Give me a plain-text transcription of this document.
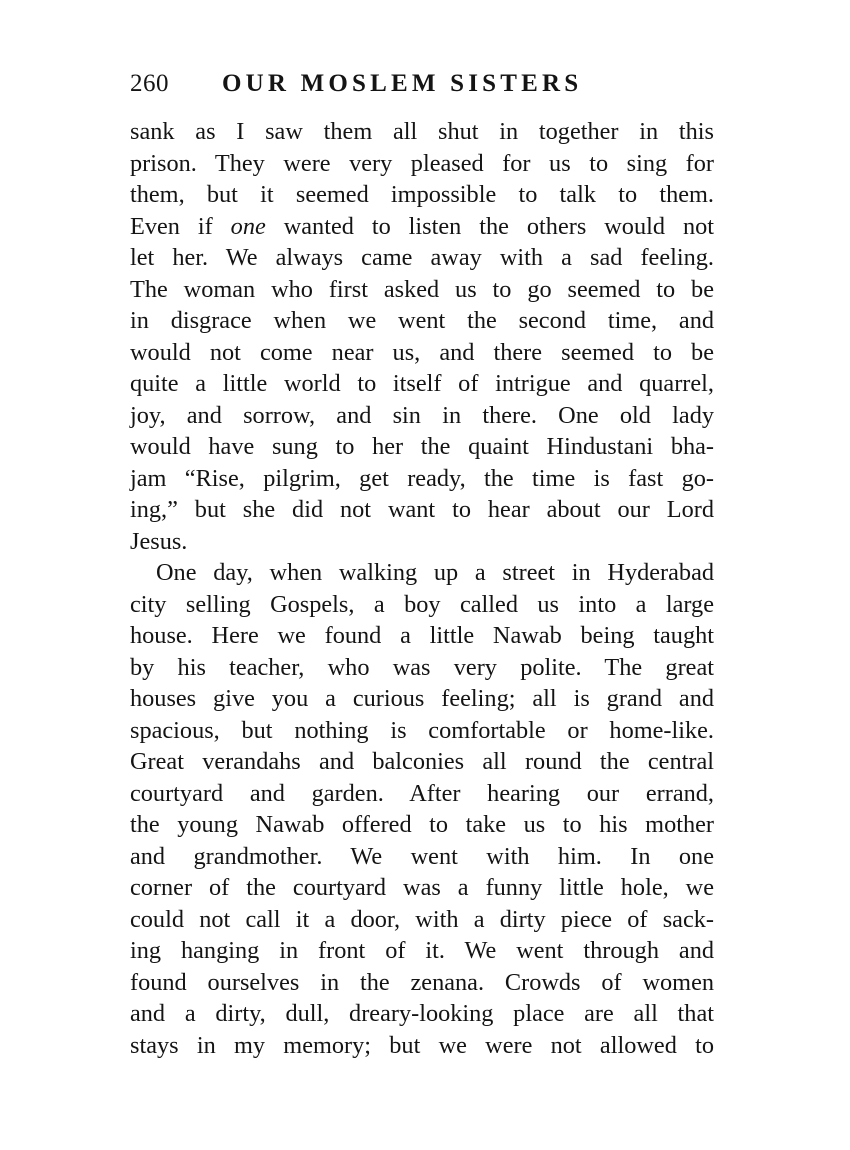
260 OUR MOSLEM SISTERS
sank as I saw them all shut in together in this
prison. They were very pleased for us to sing for
them, but it seemed impossible to talk to them.
Even if one wanted to listen the others would not
let her. We always came away with a sad feeling.
The woman who first asked us to go seemed to be
in disgrace when we went the second time, and
would not come near us, and there seemed to be
quite a little world to itself of intrigue and quarrel,
joy, and sorrow, and sin in there. One old lady
would have sung to her the quaint Hindustani bha-
jam “Rise, pilgrim, get ready, the time is fast go-
ing,” but she did not want to hear about our Lord
Jesus.
One day, when walking up a street in Hyderabad
city selling Gospels, a boy called us into a large
house. Here we found a little Nawab being taught
by his teacher, who was very polite. The great
houses give you a curious feeling; all is grand and
spacious, but nothing is comfortable or home-like.
Great verandahs and balconies all round the central
courtyard and garden. After hearing our errand,
the young Nawab offered to take us to his mother
and grandmother. We went with him. In one
corner of the courtyard was a funny little hole, we
could not call it a door, with a dirty piece of sack-
ing hanging in front of it. We went through and
found ourselves in the zenana. Crowds of women
and a dirty, dull, dreary-looking place are all that
stays in my memory; but we were not allowed to
